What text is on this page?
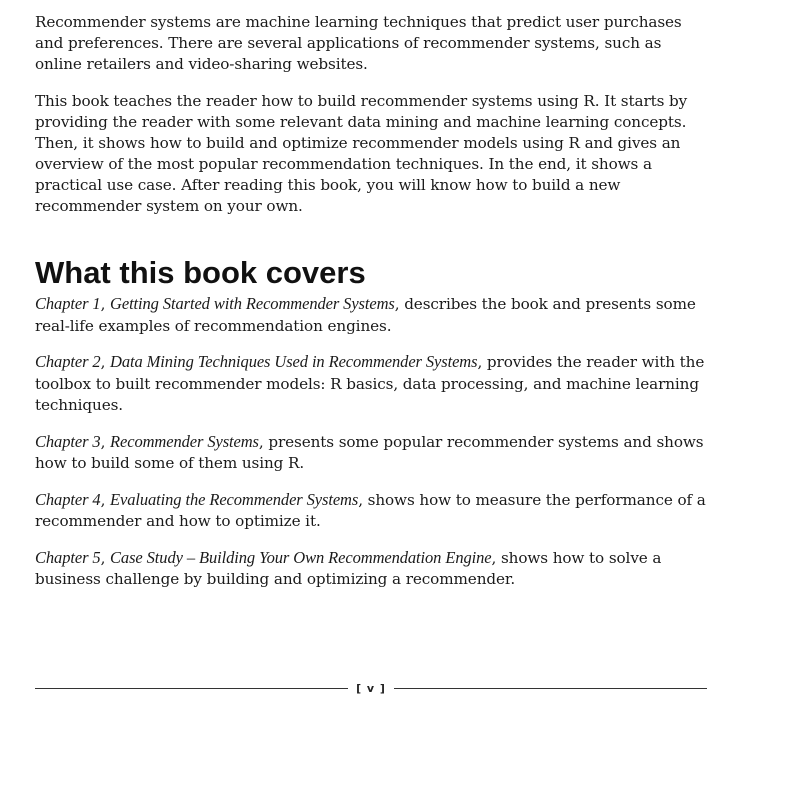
Recommender systems are machine learning techniques that predict user purchases and preferences. There are several applications of recommender systems, such as online retailers and video-sharing websites.

This book teaches the reader how to build recommender systems using R. It starts by providing the reader with some relevant data mining and machine learning concepts. Then, it shows how to build and optimize recommender models using R and gives an overview of the most popular recommendation techniques. In the end, it shows a practical use case. After reading this book, you will know how to build a new recommender system on your own.

What this book covers

Chapter 1, Getting Started with Recommender Systems, describes the book and presents some real-life examples of recommendation engines.

Chapter 2, Data Mining Techniques Used in Recommender Systems, provides the reader with the toolbox to built recommender models: R basics, data processing, and machine learning techniques.

Chapter 3, Recommender Systems, presents some popular recommender systems and shows how to build some of them using R.

Chapter 4, Evaluating the Recommender Systems, shows how to measure the performance of a recommender and how to optimize it.

Chapter 5, Case Study – Building Your Own Recommendation Engine, shows how to solve a business challenge by building and optimizing a recommender.

[ v ]
